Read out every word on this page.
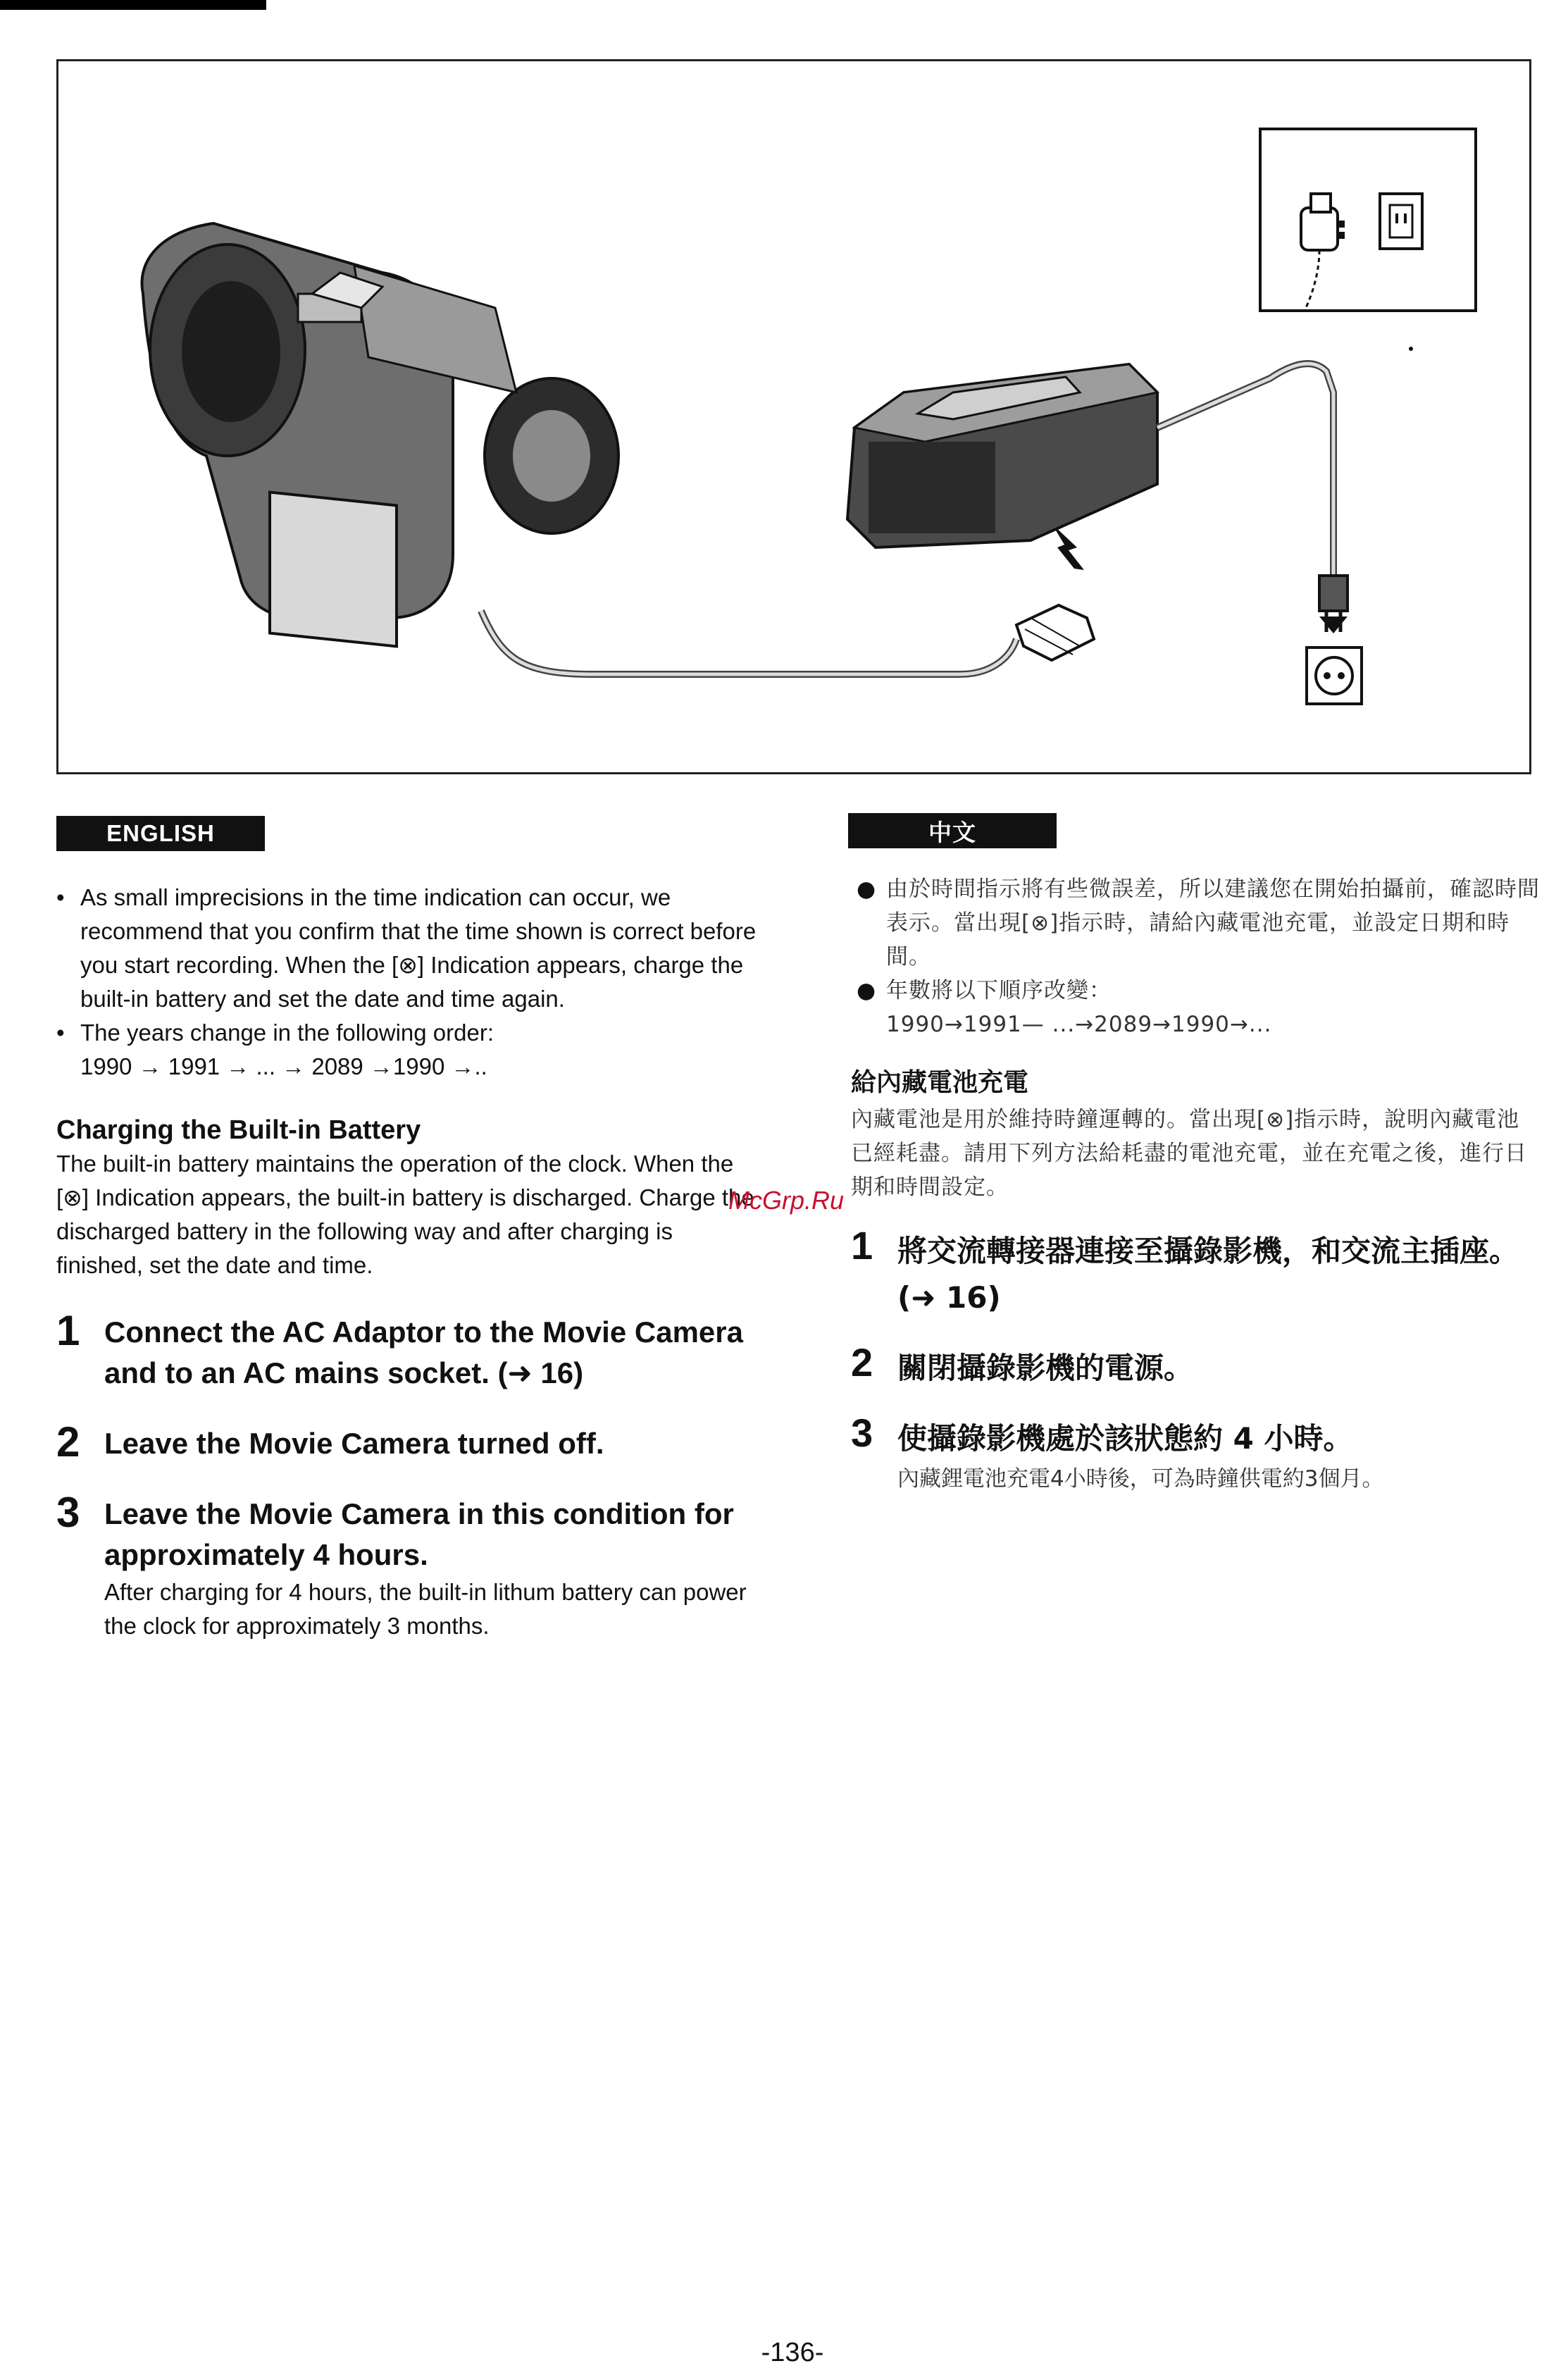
ENGLISH	中文

• As small imprecisions in the time indication can occur, we recommend that you confirm that the time shown is correct before you start recording. When the [⊗] Indication appears, charge the built-in battery and set the date and time again.

• The years change in the following order:
1990 → 1991 → ... → 2089 →1990 →..

Charging the Built-in Battery

The built-in battery maintains the operation of the clock. When the [⊗] Indication appears, the built-in battery is discharged. Charge the discharged battery in the following way and after charging is finished, set the date and time.

1 Connect the AC Adaptor to the Movie Camera and to an AC mains socket. (➜ 16)

2 Leave the Movie Camera turned off.

3 Leave the Movie Camera in this condition for approximately 4 hours.

After charging for 4 hours, the built-in lithum battery can power the clock for approximately 3 months.

● 由於時間指示將有些微誤差，所以建議您在開始拍攝前，確認時間表示。當出現[⊗]指示時，請給內藏電池充電，並設定日期和時間。

● 年數將以下順序改變：
1990→1991— ...→2089→1990→...

給內藏電池充電

內藏電池是用於維持時鐘運轉的。當出現[⊗]指示時，說明內藏電池已經耗盡。請用下列方法給耗盡的電池充電，並在充電之後，進行日期和時間設定。

1 將交流轉接器連接至攝錄影機，和交流主插座。(➜ 16)

2 關閉攝錄影機的電源。

3 使攝錄影機處於該狀態約 4 小時。

內藏鋰電池充電4小時後，可為時鐘供電約3個月。

McGrp.Ru
-136-
